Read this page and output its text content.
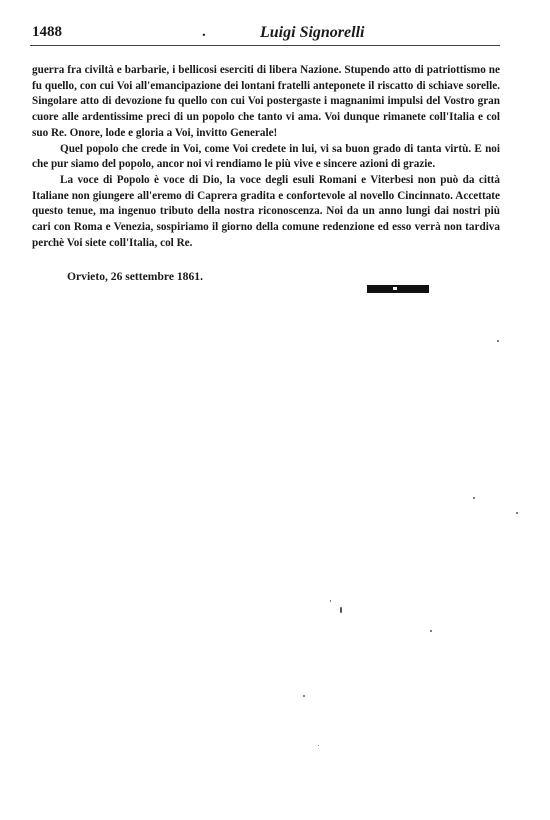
1488	.	Luigi Signorelli

guerra fra civiltà e barbarie, i bellicosi eserciti di libera Nazione. Stupendo atto di patriottismo ne fu quello, con cui Voi all'emancipazione dei lontani fratelli anteponete il riscatto di schiave sorelle. Singolare atto di devozione fu quello con cui Voi postergaste i magnanimi impulsi del Vostro gran cuore alle ardentissime preci di un popolo che tanto vi ama. Voi dunque rimanete coll'Italia e col suo Re. Onore, lode e gloria a Voi, invitto Generale!

Quel popolo che crede in Voi, come Voi credete in lui, vi sa buon grado di tanta virtù. E noi che pur siamo del popolo, ancor noi vi rendiamo le più vive e sincere azioni di grazie.

La voce di Popolo è voce di Dio, la voce degli esuli Romani e Viterbesi non può da città Italiane non giungere all'eremo di Caprera gradita e confortevole al novello Cincinnato. Accettate questo tenue, ma ingenuo tributo della nostra riconoscenza. Noi da un anno lungi dai nostri più cari con Roma e Venezia, sospiriamo il giorno della comune redenzione ed esso verrà non tardiva perchè Voi siete coll'Italia, col Re.

Orvieto, 26 settembre 1861.
